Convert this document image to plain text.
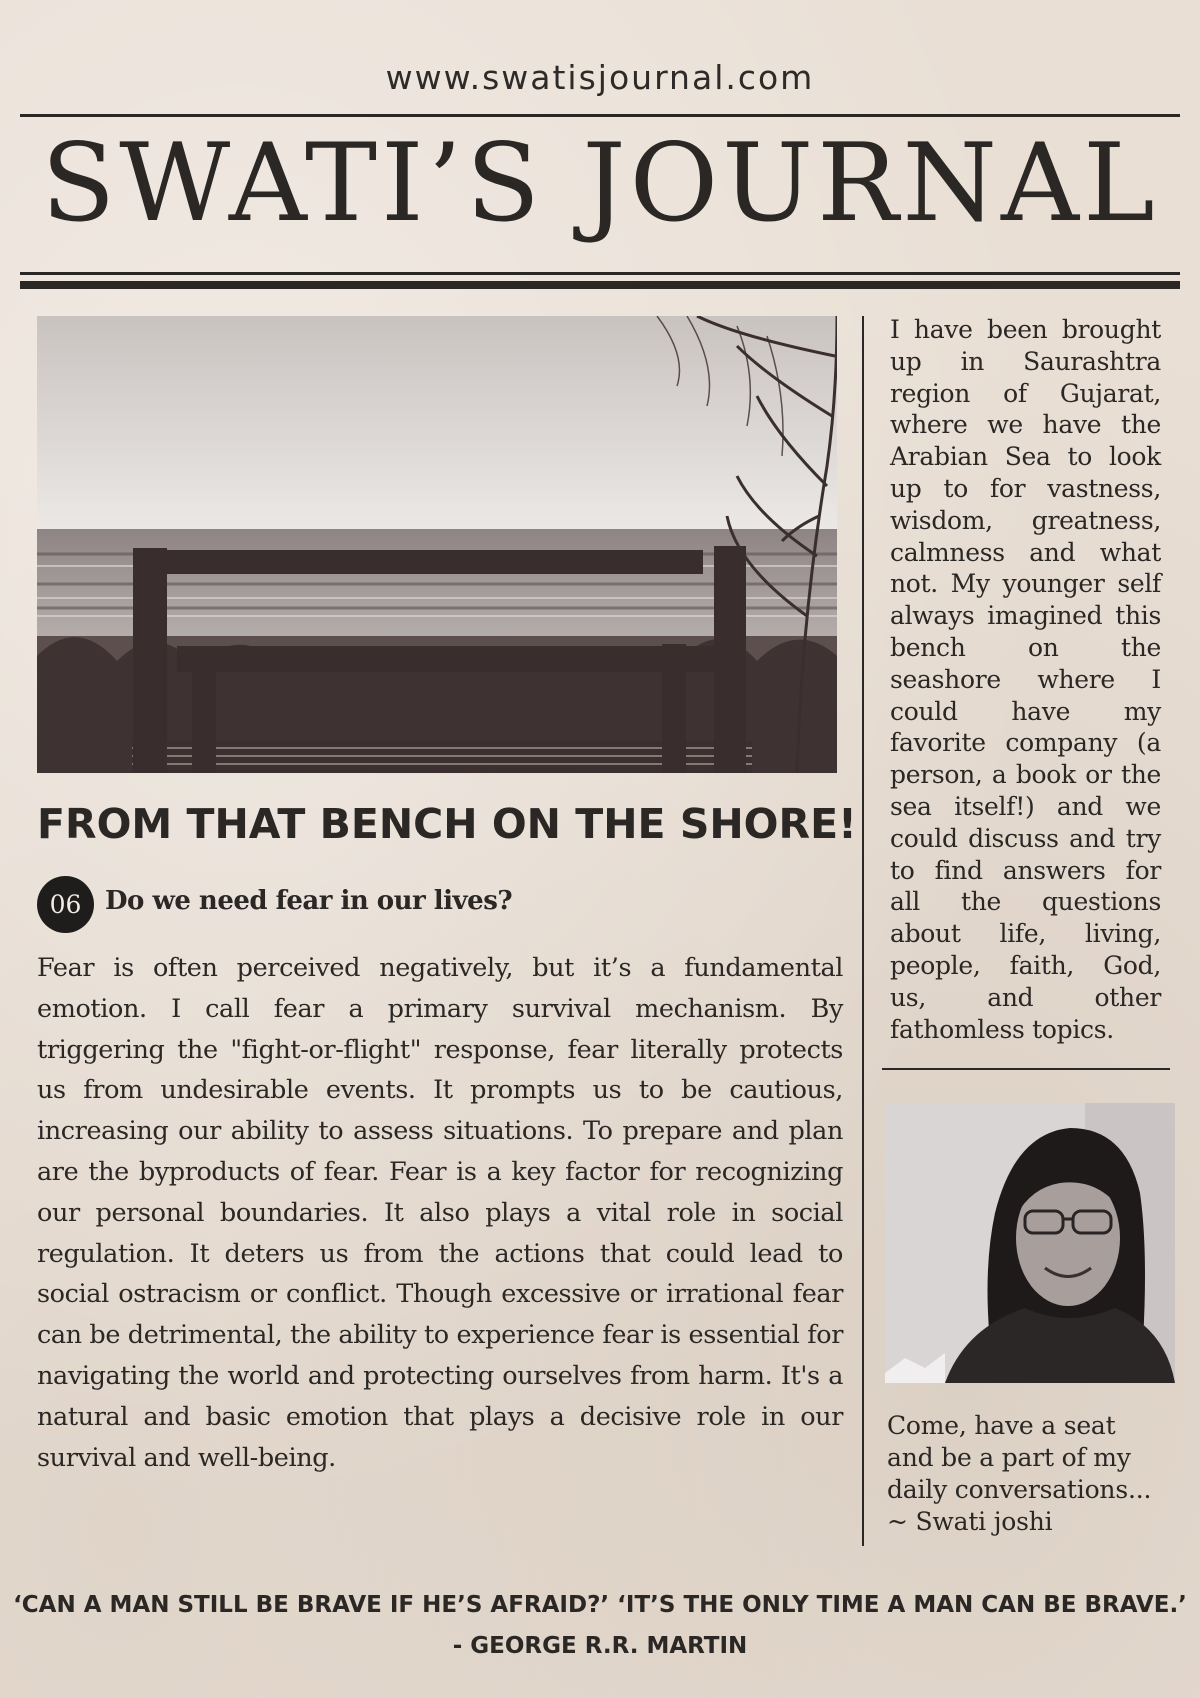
www.swatisjournal.com
SWATI’S JOURNAL
FROM THAT BENCH ON THE SHORE!
06 Do we need fear in our lives?
Fear is often perceived negatively, but it’s a fundamental emotion. I call fear a primary survival mechanism. By triggering the "fight-or-flight" response, fear literally protects us from undesirable events. It prompts us to be cautious, increasing our ability to assess situations. To prepare and plan are the byproducts of fear. Fear is a key factor for recognizing our personal boundaries. It also plays a vital role in social regulation. It deters us from the actions that could lead to social ostracism or conflict. Though excessive or irrational fear can be detrimental, the ability to experience fear is essential for navigating the world and protecting ourselves from harm. It's a natural and basic emotion that plays a decisive role in our survival and well-being.
I have been brought up in Saurashtra region of Gujarat, where we have the Arabian Sea to look up to for vastness, wisdom, greatness, calmness and what not. My younger self always imagined this bench on the seashore where I could have my favorite company (a person, a book or the sea itself!) and we could discuss and try to find answers for all the questions about life, living, people, faith, God, us, and other fathomless topics.
Come, have a seat
and be a part of my
daily conversations...
~ Swati joshi
‘CAN A MAN STILL BE BRAVE IF HE’S AFRAID?’ ‘IT’S THE ONLY TIME A MAN CAN BE BRAVE.’
- GEORGE R.R. MARTIN
